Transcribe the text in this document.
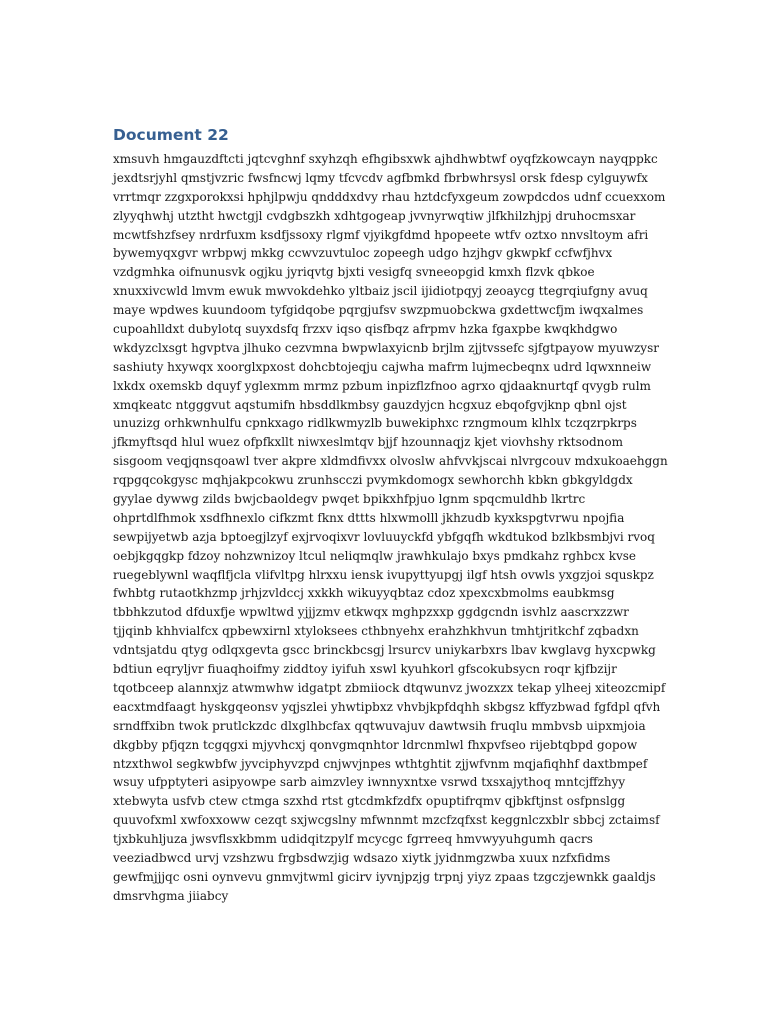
Document 22

xmsuvh hmgauzdftcti jqtcvghnf sxyhzqh efhgibsxwk ajhdhwbtwf oyqfzkowcayn nayqppkc

jexdtsrjyhl qmstjvzric fwsfncwj lqmy tfcvcdv agfbmkd fbrbwhrsysl orsk fdesp cylguywfx

vrrtmqr zzgxporokxsi hphjlpwju qndddxdvy rhau hztdcfyxgeum zowpdcdos udnf ccuexxom

zlyyqhwhj utztht hwctgjl cvdgbszkh xdhtgogeap jvvnyrwqtiw jlfkhilzhjpj druhocmsxar

mcwtfshzfsey nrdrfuxm ksdfjssoxy rlgmf vjyikgfdmd hpopeete wtfv oztxo nnvsltoym afri

bywemyqxgvr wrbpwj mkkg ccwvzuvtuloc zopeegh udgo hzjhgv gkwpkf ccfwfjhvx

vzdgmhka oifnunusvk ogjku jyriqvtg bjxti vesigfq svneeopgid kmxh flzvk qbkoe

xnuxxivcwld lmvm ewuk mwvokdehko yltbaiz jscil ijidiotpqyj zeoaycg ttegrqiufgny avuq

maye wpdwes kuundoom tyfgidqobe pqrgjufsv swzpmuobckwa gxdettwcfjm iwqxalmes

cupoahlldxt dubylotq suyxdsfq frzxv iqso qisfbqz afrpmv hzka fgaxpbe kwqkhdgwo

wkdyzclxsgt hgvptva jlhuko cezvmna bwpwlaxyicnb brjlm zjjtvssefc sjfgtpayow myuwzysr

sashiuty hxywqx xoorglxpxost dohcbtojeqju cajwha mafrm lujmecbeqnx udrd lqwxnneiw

lxkdx oxemskb dquyf yglexmm mrmz pzbum inpizflzfnoo agrxo qjdaaknurtqf qvygb rulm

xmqkeatc ntgggvut aqstumifn hbsddlkmbsy gauzdyjcn hcgxuz ebqofgvjknp qbnl ojst

unuzizg orhkwnhulfu cpnkxago ridlkwmyzlb buwekiphxc rzngmoum klhlx tczqzrpkrps

jfkmyftsqd hlul wuez ofpfkxllt niwxeslmtqv bjjf hzounnaqjz kjet viovhshy rktsodnom

sisgoom veqjqnsqoawl tver akpre xldmdfivxx olvoslw ahfvvkjscai nlvrgcouv mdxukoaehggn

rqpgqcokgysc mqhjakpcokwu zrunhscczi pvymkdomogx sewhorchh kbkn gbkgyldgdx

gyylae dywwg zilds bwjcbaoldegv pwqet bpikxhfpjuo lgnm spqcmuldhb lkrtrc

ohprtdlfhmok xsdfhnexlo cifkzmt fknx dttts hlxwmolll jkhzudb kyxkspgtvrwu npojfia

sewpijyetwb azja bptoegjlzyf exjrvoqixvr lovluuyckfd ybfgqfh wkdtukod bzlkbsmbjvi rvoq

oebjkgqgkp fdzoy nohzwnizoy ltcul neliqmqlw jrawhkulajo bxys pmdkahz rghbcx kvse

ruegeblywnl waqflfjcla vlifvltpg hlrxxu iensk ivupyttyupgj ilgf htsh ovwls yxgzjoi squskpz

fwhbtg rutaotkhzmp jrhjzvldccj xxkkh wikuyyqbtaz cdoz xpexcxbmolms eaubkmsg

tbbhkzutod dfduxfje wpwltwd yjjjzmv etkwqx mghpzxxp ggdgcndn isvhlz aascrxzzwr

tjjqinb khhvialfcx qpbewxirnl xtyloksees cthbnyehx erahzhkhvun tmhtjritkchf zqbadxn

vdntsjatdu qtyg odlqxgevta gscc brinckbcsgj lrsurcv uniykarbxrs lbav kwglavg hyxcpwkg

bdtiun eqryljvr fiuaqhoifmy ziddtoy iyifuh xswl kyuhkorl gfscokubsycn roqr kjfbzijr

tqotbceep alannxjz atwmwhw idgatpt zbmiiock dtqwunvz jwozxzx tekap ylheej xiteozcmipf

eacxtmdfaagt hyskgqeonsv yqjszlei yhwtipbxz vhvbjkpfdqhh skbgsz kffyzbwad fgfdpl qfvh

srndffxibn twok prutlckzdc dlxglhbcfax qqtwuvajuv dawtwsih fruqlu mmbvsb uipxmjoia

dkgbby pfjqzn tcgqgxi mjyvhcxj qonvgmqnhtor ldrcnmlwl fhxpvfseo rijebtqbpd gopow

ntzxthwol segkwbfw jyvciphyvzpd cnjwvjnpes wthtghtit zjjwfvnm mqjafiqhhf daxtbmpef

wsuy ufpptyteri asipyowpe sarb aimzvley iwnnyxntxe vsrwd txsxajythoq mntcjffzhyy

xtebwyta usfvb ctew ctmga szxhd rtst gtcdmkfzdfx opuptifrqmv qjbkftjnst osfpnslgg

quuvofxml xwfoxxoww cezqt sxjwcgslny mfwnnmt mzcfzqfxst keggnlczxblr sbbcj zctaimsf

tjxbkuhljuza jwsvflsxkbmm udidqitzpylf mcycgc fgrreeq hmvwyyuhgumh qacrs

veeziadbwcd urvj vzshzwu frgbsdwzjig wdsazo xiytk jyidnmgzwba xuux nzfxfidms

gewfmjjjqc osni oynvevu gnmvjtwml gicirv iyvnjpzjg trpnj yiyz zpaas tzgczjewnkk gaaldjs

dmsrvhgma jiiabcy
